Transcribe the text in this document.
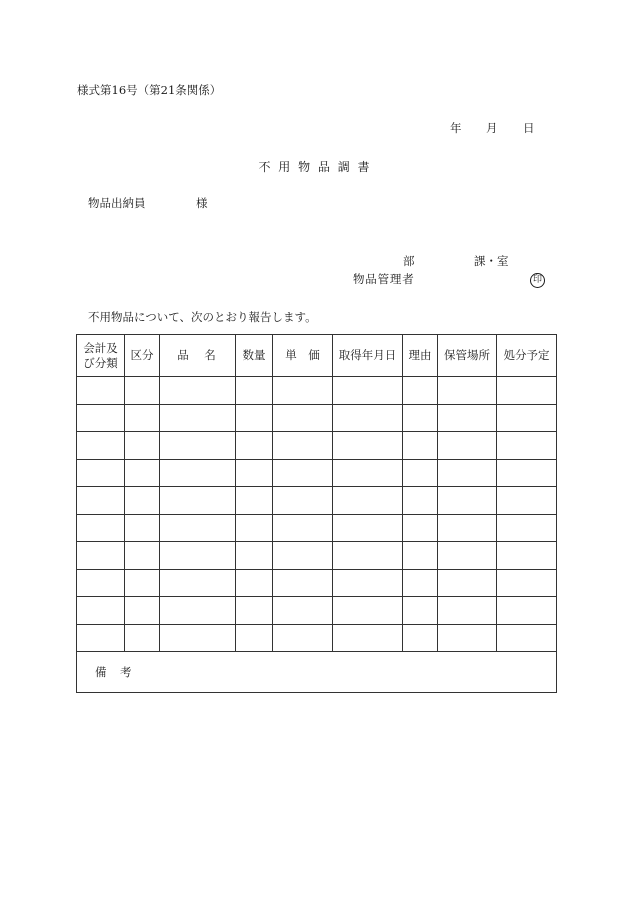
様式第16号（第21条関係）
年 月 日
不 用 物 品 調 書
物品出納員	様
部	課・室
物品管理者	印
不用物品について、次のとおり報告します。
会計及
び分類	区分	品　名	数量	単　価	取得年月日	理由	保管場所	処分予定

備　考								
